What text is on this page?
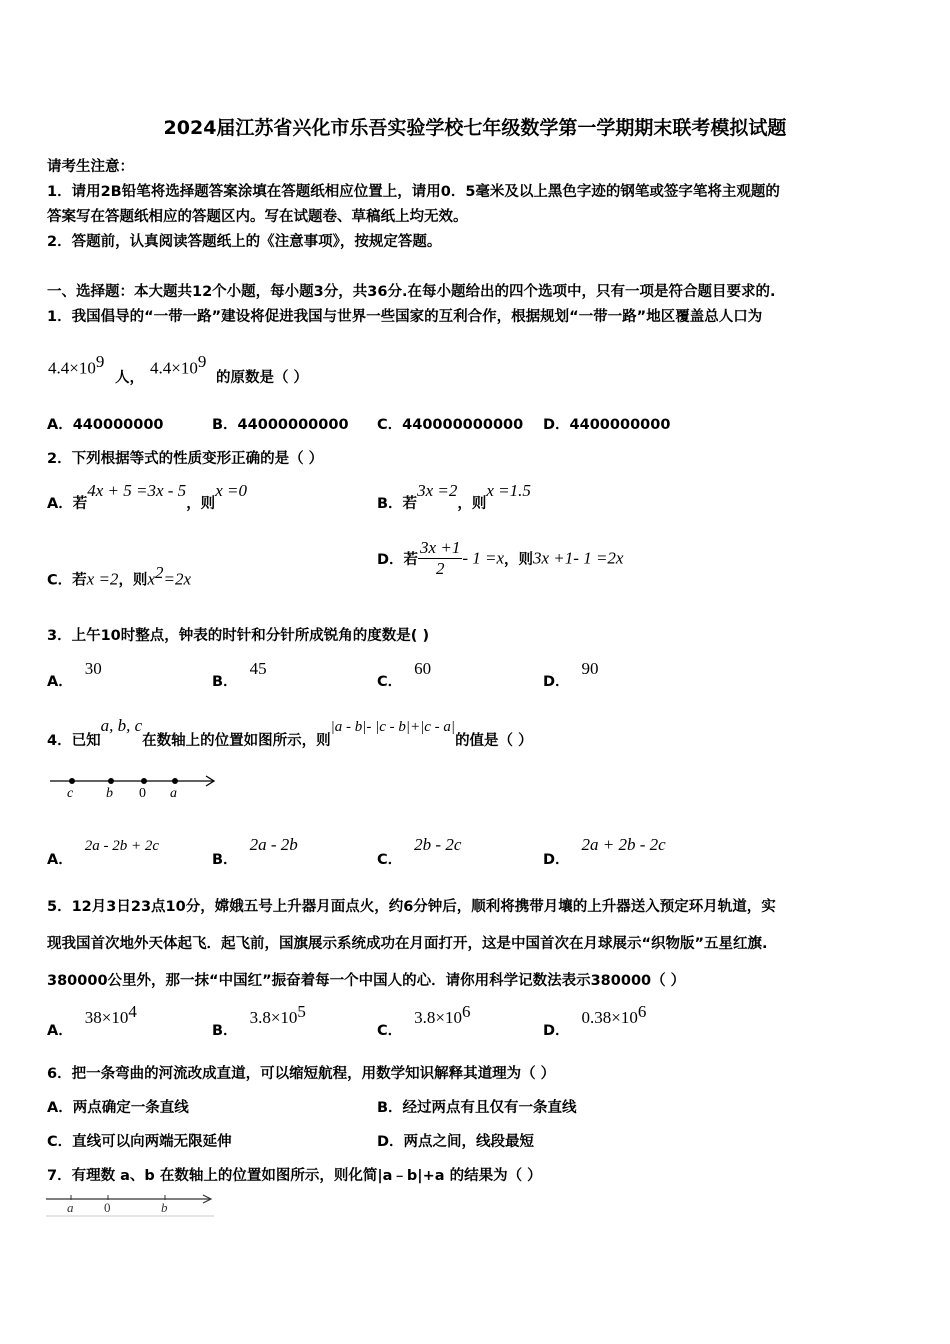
2024届江苏省兴化市乐吾实验学校七年级数学第一学期期末联考模拟试题
请考生注意：
1．请用2B铅笔将选择题答案涂填在答题纸相应位置上，请用0．5毫米及以上黑色字迹的钢笔或签字笔将主观题的
答案写在答题纸相应的答题区内。写在试题卷、草稿纸上均无效。
2．答题前，认真阅读答题纸上的《注意事项》，按规定答题。
一、选择题：本大题共12个小题，每小题3分，共36分.在每小题给出的四个选项中，只有一项是符合题目要求的.
1．我国倡导的“一带一路”建设将促进我国与世界一些国家的互利合作，根据规划“一带一路”地区覆盖总人口为
$4.4\times 10^9$
人，
$4.4\times 10^9$
的原数是（ ）
A．440000000	B．44000000000 C．440000000000 D．4400000000
2．下列根据等式的性质变形正确的是（ ）
A．若4x + 5 =3x - 5，则x =0
B．若3x =2，则x =1.5
C．若x =2，则$x^2=2x$
D．若 $\frac{3x +1}{2} - 1 =x$，则3x +1- 1 =2x
3．上午10时整点，钟表的时针和分针所成锐角的度数是( )
A．30
B．45
C．60
D．90
4．已知a, b, c在数轴上的位置如图所示，则|a - b|- |c - b|+|c - a|的值是（ ）
c b 0 a
A．2a - 2b + 2c
B．2a - 2b
C．2b - 2c
D．2a + 2b - 2c
5．12月3日23点10分，嫦娥五号上升器月面点火，约6分钟后，顺利将携带月壤的上升器送入预定环月轨道，实
现我国首次地外天体起飞．起飞前，国旗展示系统成功在月面打开，这是中国首次在月球展示“织物版”五星红旗.
380000公里外，那一抹“中国红”振奋着每一个中国人的心．请你用科学记数法表示380000（ ）
A．$38\times 10^4$
B．$3.8\times 10^5$
C．$3.8\times 10^6$
D．$0.38\times 10^6$
6．把一条弯曲的河流改成直道，可以缩短航程，用数学知识解释其道理为（ ）
A．两点确定一条直线	B．经过两点有且仅有一条直线
C．直线可以向两端无限延伸	D．两点之间，线段最短
7．有理数 a、b 在数轴上的位置如图所示，则化简|a﹣b|+a 的结果为（ ）
a 0	b
